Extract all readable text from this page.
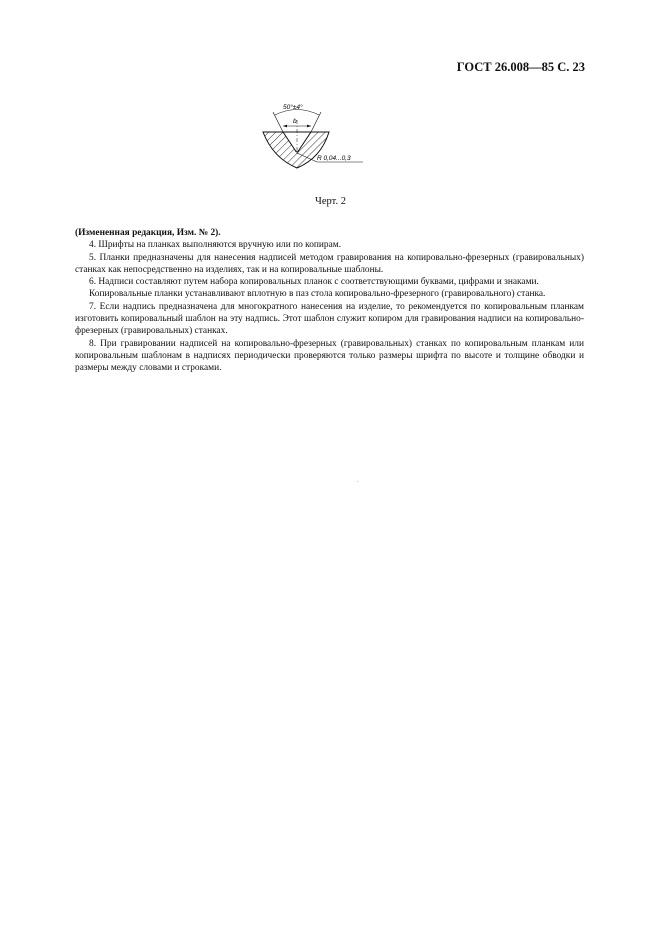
ГОСТ 26.008—85 С. 23
50°±4°
b
R 0,04...0,3
Черт. 2

(Измененная редакция, Изм. № 2).

4. Шрифты на планках выполняются вручную или по копирам.

5. Планки предназначены для нанесения надписей методом гравирования на копировально-фрезерных (гравировальных) станках как непосредственно на изделиях, так и на копировальные шаблоны.

6. Надписи составляют путем набора копировальных планок с соответствующими буквами, цифрами и знаками.

Копировальные планки устанавливают вплотную в паз стола копировально-фрезерного (гравировального) станка.

7. Если надпись предназначена для многократного нанесения на изделие, то рекомендуется по копировальным планкам изготовить копировальный шаблон на эту надпись. Этот шаблон служит копиром для гравирования надписи на копировально-фрезерных (гравировальных) станках.

8. При гравировании надписей на копировально-фрезерных (гравировальных) станках по копировальным планкам или копировальным шаблонам в надписях периодически проверяются только размеры шрифта по высоте и толщине обводки и размеры между словами и строками.
